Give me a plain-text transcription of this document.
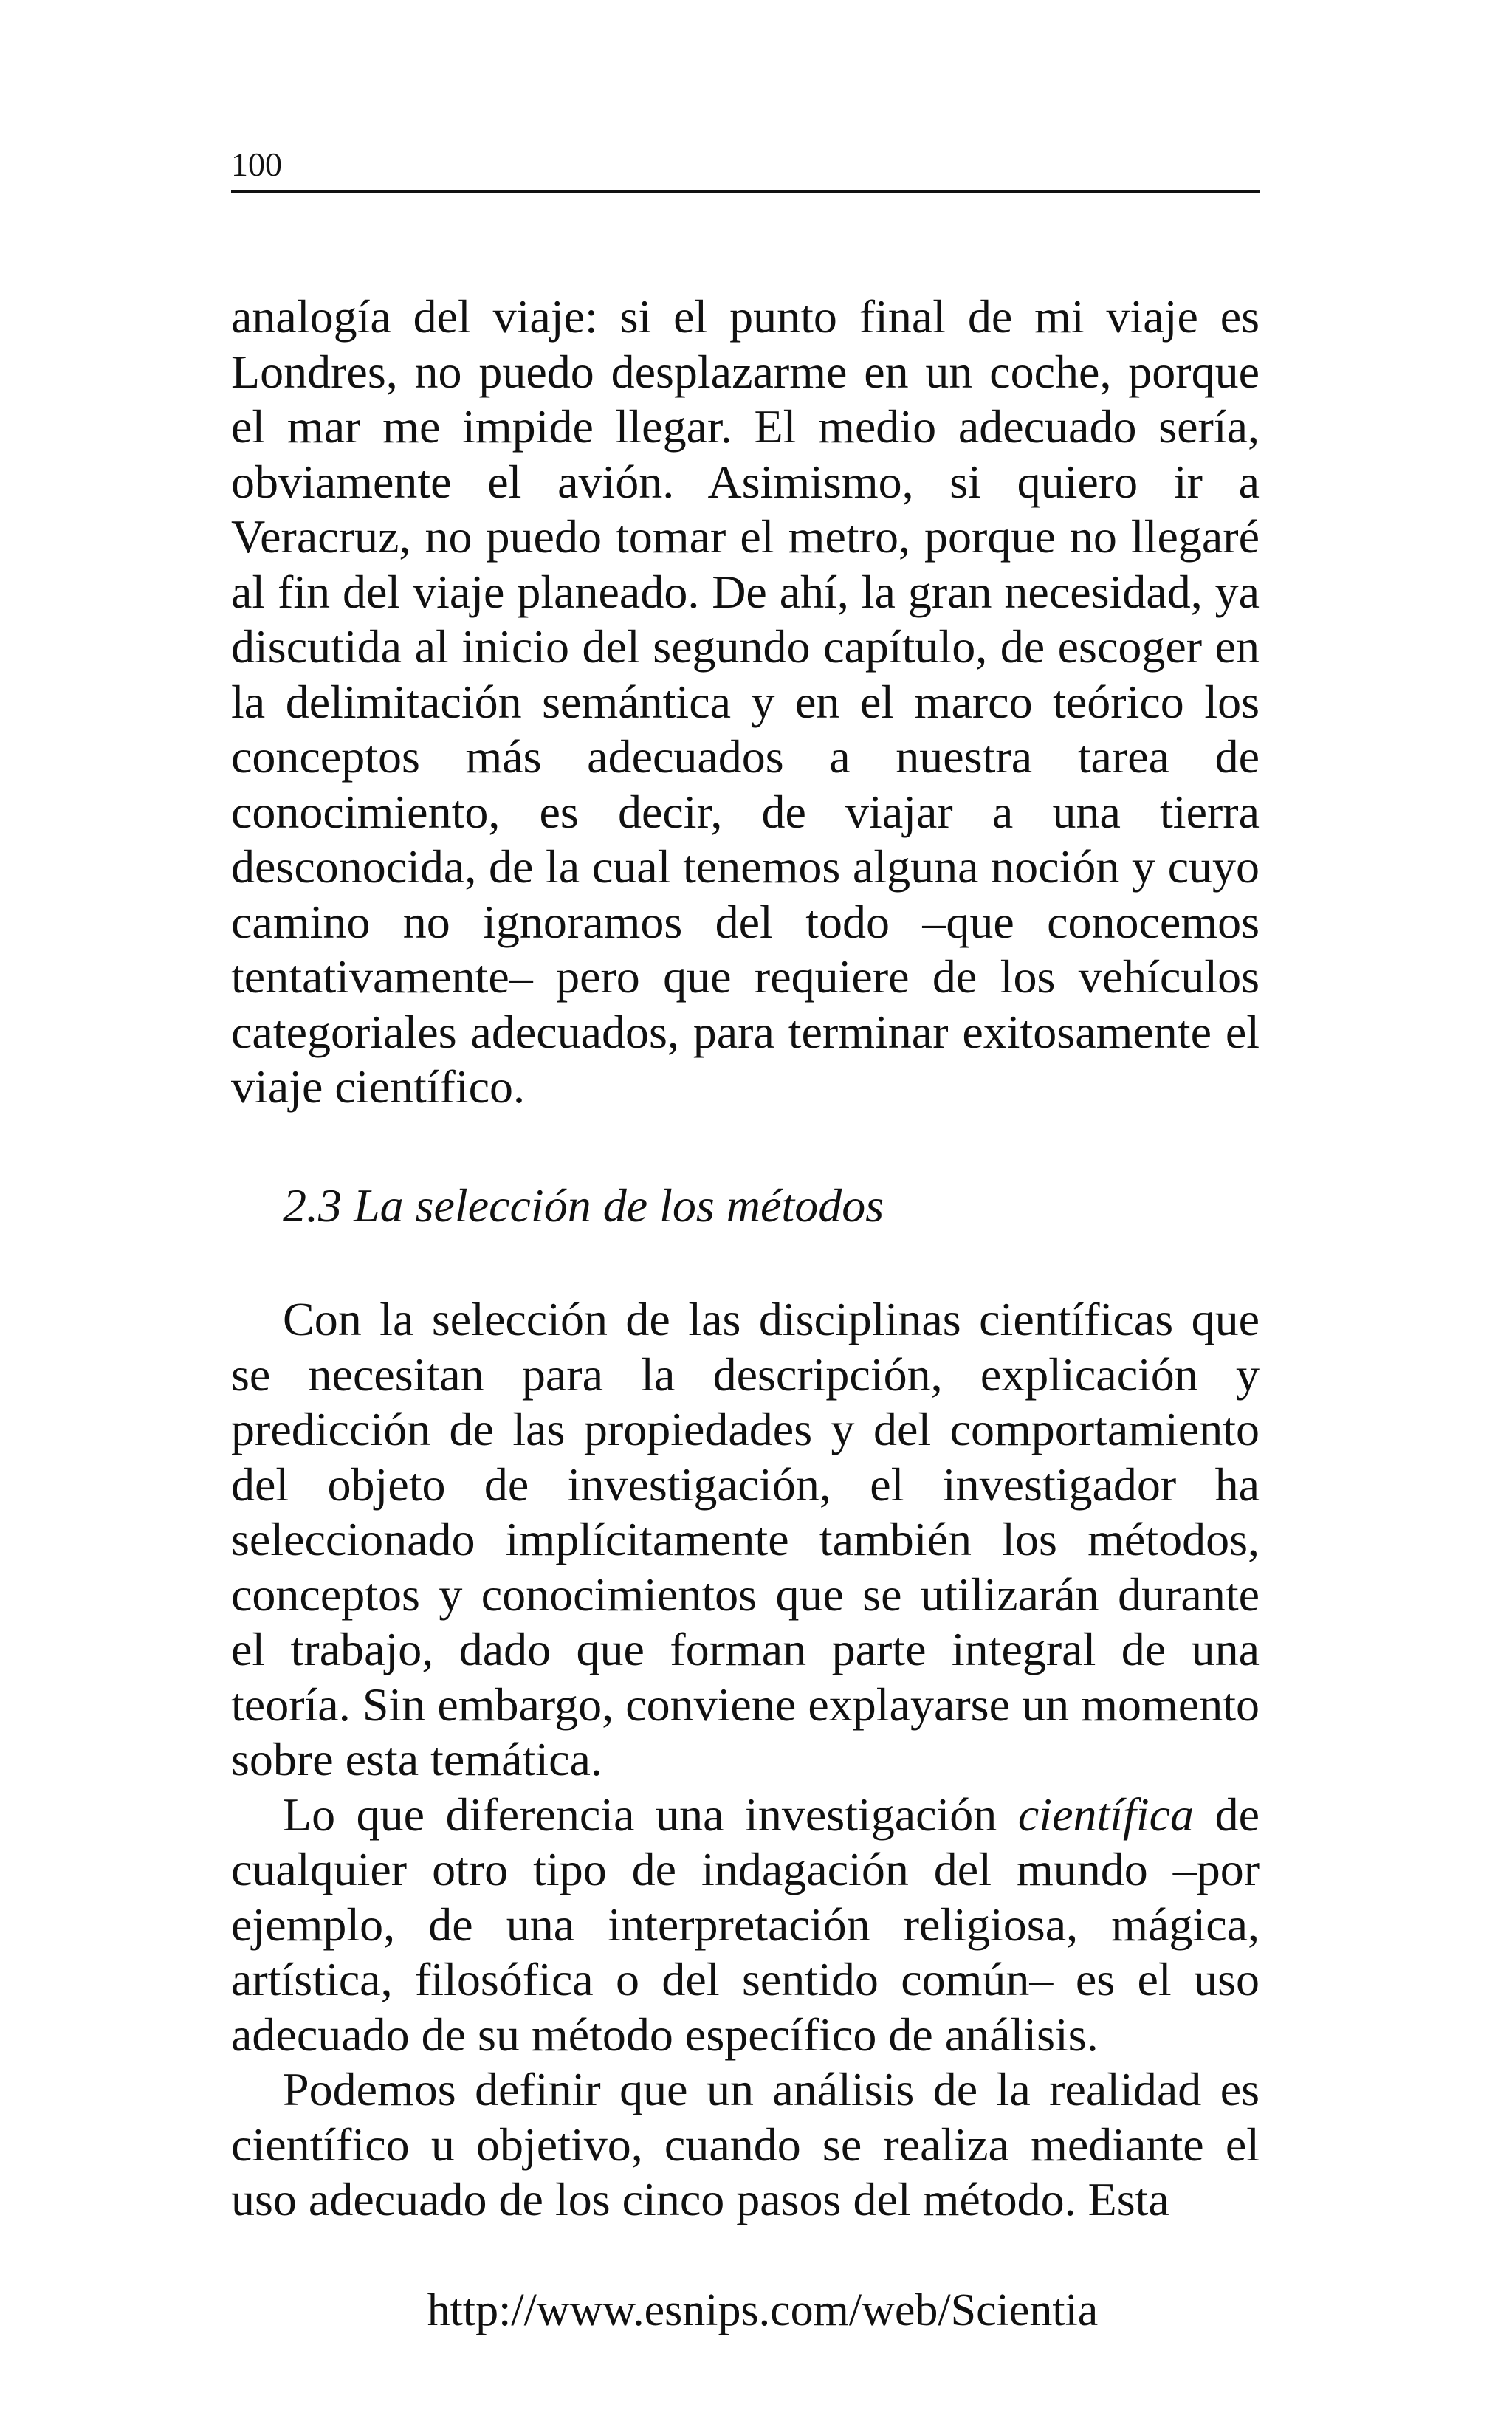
100

analogía del viaje: si el punto final de mi viaje es Londres, no puedo desplazarme en un coche, porque el mar me impide llegar. El medio adecuado sería, obviamente el avión. Asimismo, si quiero ir a Veracruz, no puedo tomar el metro, porque no llegaré al fin del viaje planeado. De ahí, la gran necesidad, ya discutida al inicio del segundo capítulo, de escoger en la delimitación semántica y en el marco teórico los conceptos más adecuados a nuestra tarea de conocimiento, es decir, de viajar a una tierra desconocida, de la cual tenemos alguna noción y cuyo camino no ignoramos del todo –que conocemos tentativamente– pero que requiere de los vehículos categoriales adecuados, para terminar exitosamente el viaje científico.

2.3 La selección de los métodos

Con la selección de las disciplinas científicas que se necesitan para la descripción, explicación y predicción de las propiedades y del comportamiento del objeto de investigación, el investigador ha seleccionado implícitamente también los métodos, conceptos y conocimientos que se utilizarán durante el trabajo, dado que forman parte integral de una teoría. Sin embargo, conviene explayarse un momento sobre esta temática.

Lo que diferencia una investigación científica de cualquier otro tipo de indagación del mundo –por ejemplo, de una interpretación religiosa, mágica, artística, filosófica o del sentido común– es el uso adecuado de su método específico de análisis.

Podemos definir que un análisis de la realidad es científico u objetivo, cuando se realiza mediante el uso adecuado de los cinco pasos del método. Esta

http://www.esnips.com/web/Scientia
